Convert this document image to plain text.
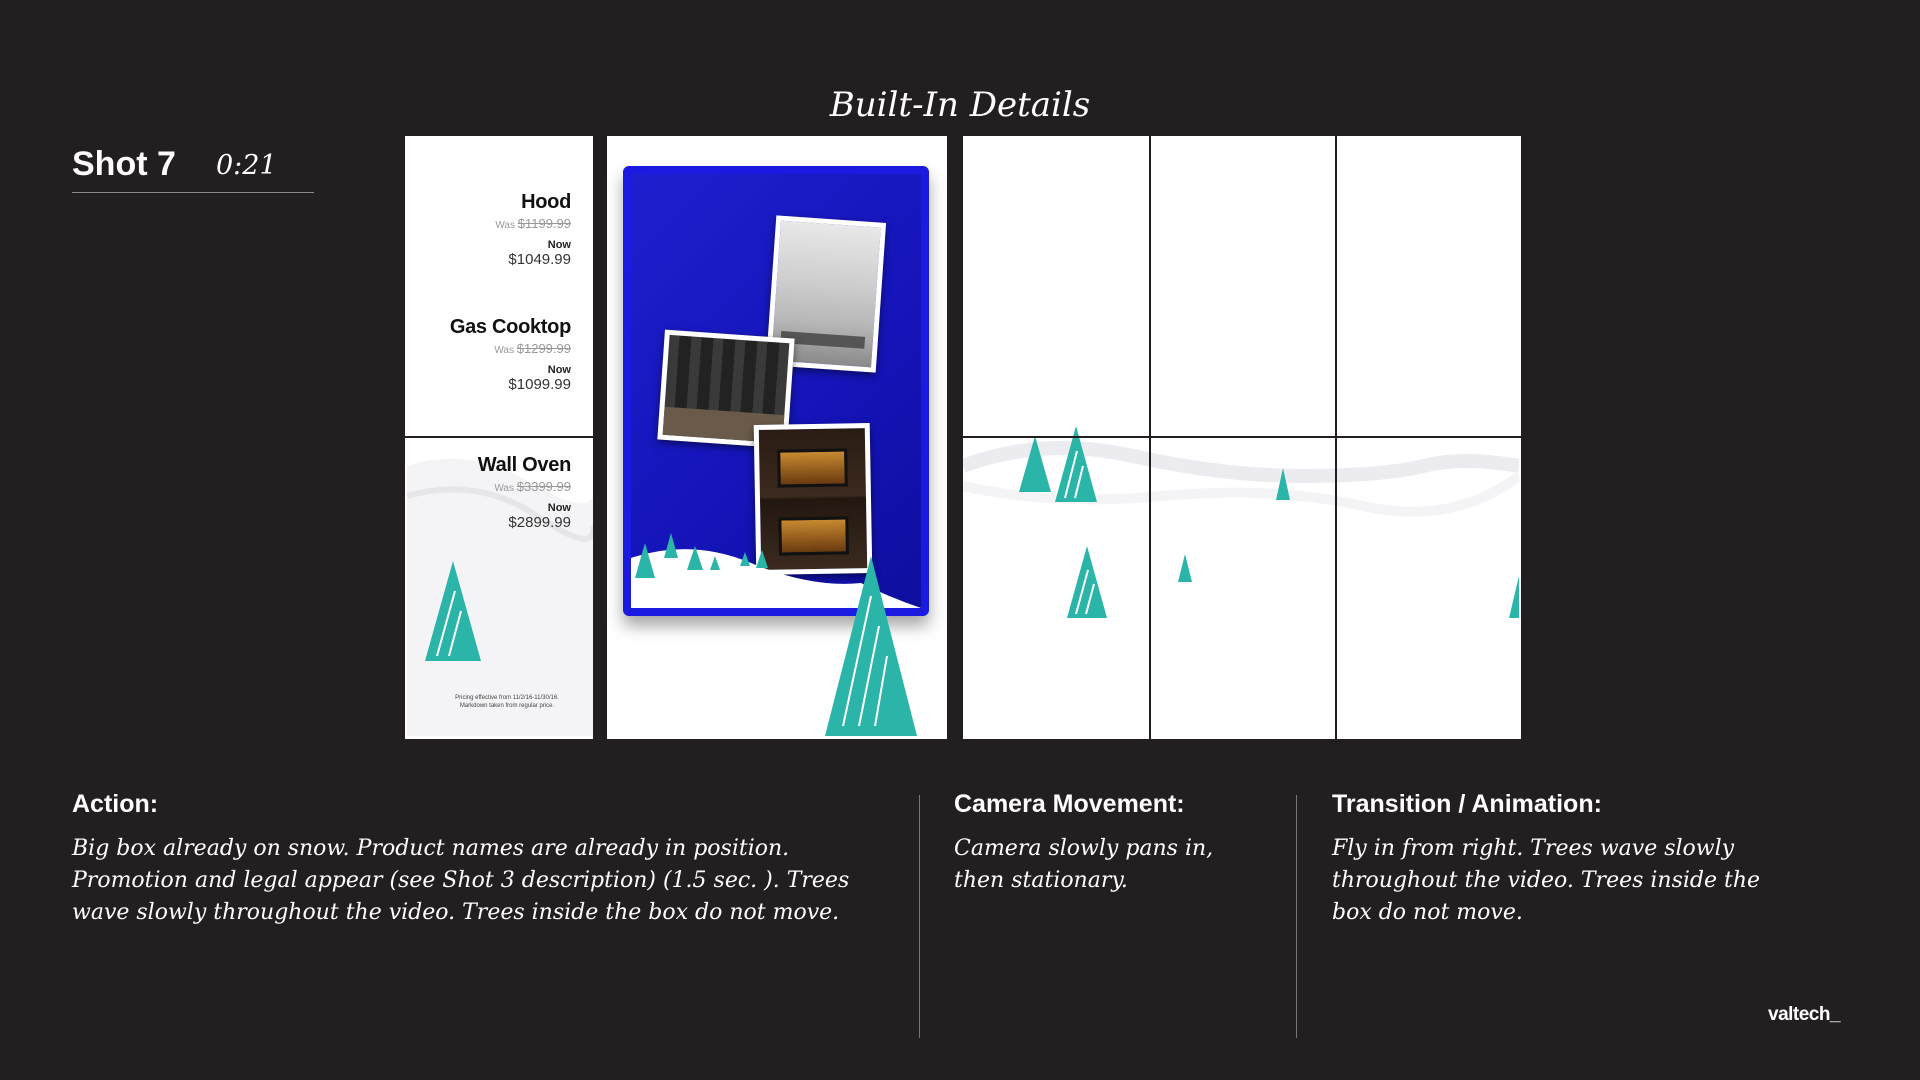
Built-In Details
Shot 7 0:21
Hood
Was $1199.99
Now
$1049.99
Gas Cooktop
Was $1299.99
Now
$1099.99
Wall Oven
Was $3399.99
Now
$2899.99
Pricing effective from 11/2/16-11/30/16. Markdown taken from regular price.
Action:
Big box already on snow. Product names are already in position. Promotion and legal appear (see Shot 3 description) (1.5 sec. ). Trees wave slowly throughout the video. Trees inside the box do not move.
Camera Movement:
Camera slowly pans in, then stationary.
Transition / Animation:
Fly in from right. Trees wave slowly throughout the video. Trees inside the box do not move.
valtech_
